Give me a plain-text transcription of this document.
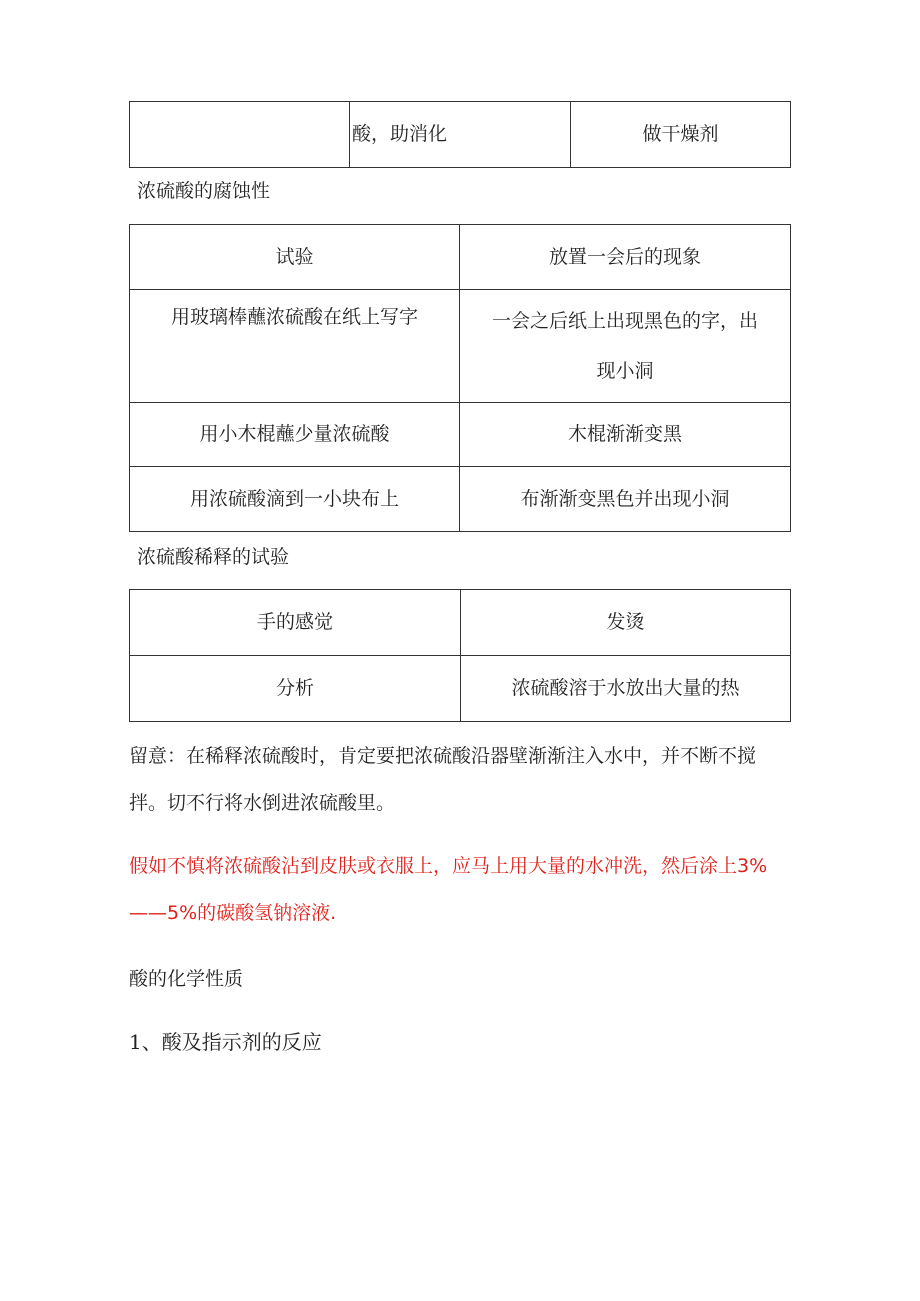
	酸，助消化	做干燥剂

浓硫酸的腐蚀性

试验	放置一会后的现象
用玻璃棒蘸浓硫酸在纸上写字	一会之后纸上出现黑色的字，出现小洞
用小木棍蘸少量浓硫酸	木棍渐渐变黑
用浓硫酸滴到一小块布上	布渐渐变黑色并出现小洞

浓硫酸稀释的试验

手的感觉	发烫
分析	浓硫酸溶于水放出大量的热

留意：在稀释浓硫酸时，肯定要把浓硫酸沿器壁渐渐注入水中，并不断不搅拌。切不行将水倒进浓硫酸里。

假如不慎将浓硫酸沾到皮肤或衣服上，应马上用大量的水冲洗，然后涂上3%——5%的碳酸氢钠溶液.

酸的化学性质

1、酸及指示剂的反应
